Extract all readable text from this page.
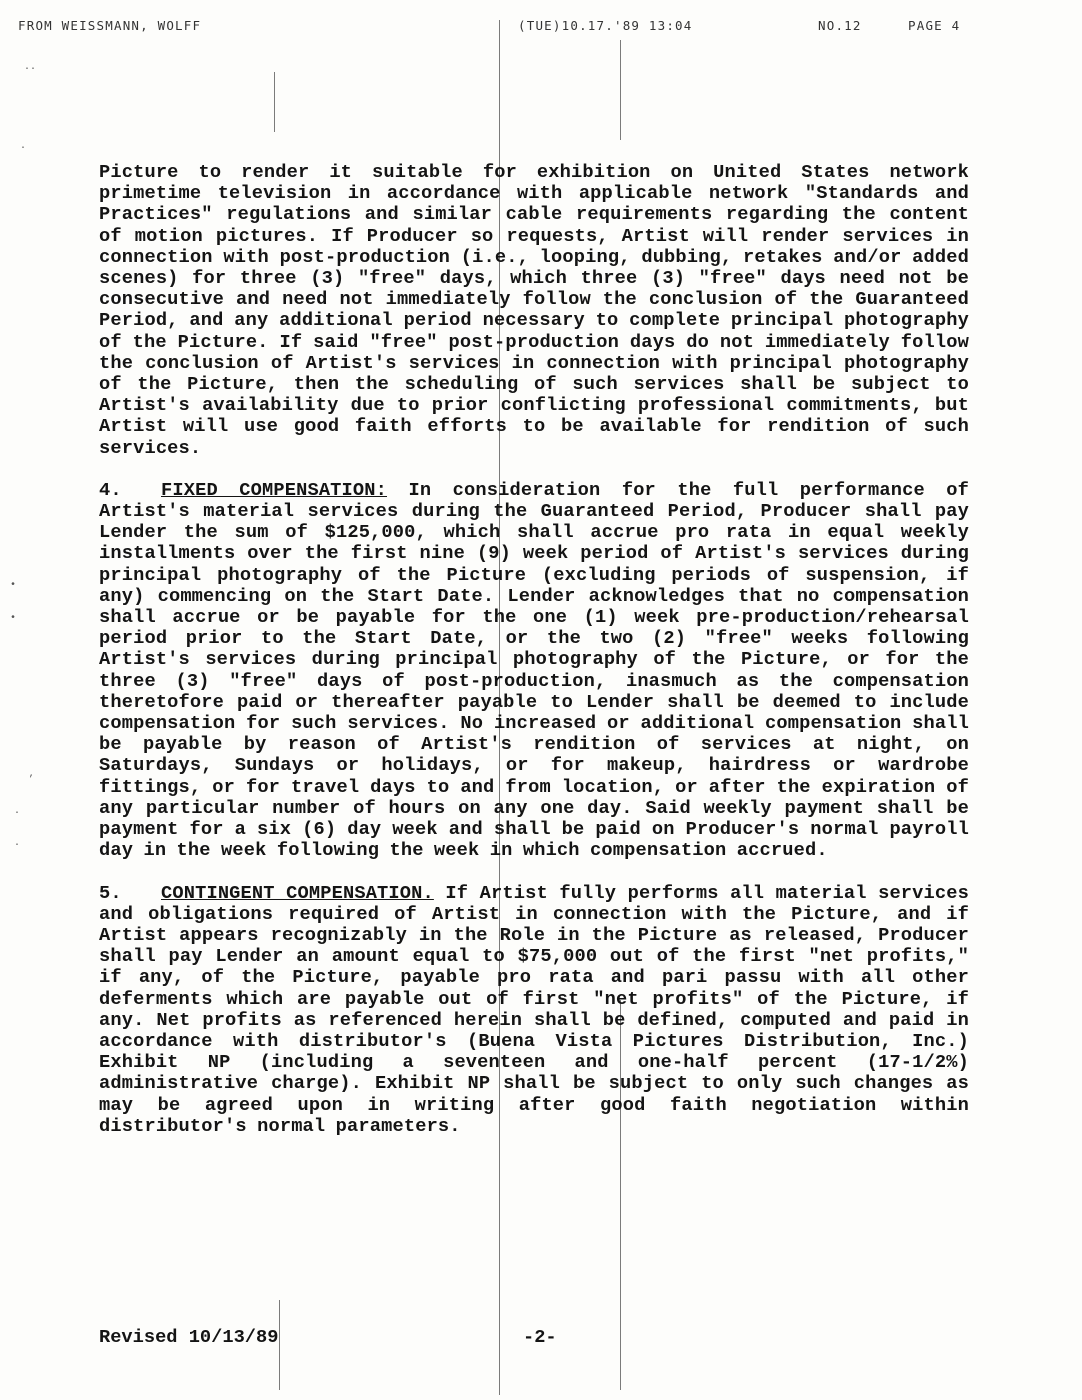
FROM WEISSMANN, WOLFF	(TUE)10.17.'89 13:04	NO.12	PAGE 4
··
·
•
•
’
·
·

Picture to render it suitable for exhibition on United States network primetime television in accordance with applicable network "Standards and Practices" regulations and similar cable requirements regarding the content of motion pictures. If Producer so requests, Artist will render services in connection with post-production (i.e., looping, dubbing, retakes and/or added scenes) for three (3) "free" days, which three (3) "free" days need not be consecutive and need not immediately follow the conclusion of the Guaranteed Period, and any additional period necessary to complete principal photography of the Picture. If said "free" post-production days do not immediately follow the conclusion of Artist's services in connection with principal photography of the Picture, then the scheduling of such services shall be subject to Artist's availability due to prior conflicting professional commitments, but Artist will use good faith efforts to be available for rendition of such services.

4. FIXED COMPENSATION: In consideration for the full performance of Artist's material services during the Guaranteed Period, Producer shall pay Lender the sum of $125,000, which shall accrue pro rata in equal weekly installments over the first nine (9) week period of Artist's services during principal photography of the Picture (excluding periods of suspension, if any) commencing on the Start Date. Lender acknowledges that no compensation shall accrue or be payable for the one (1) week pre-production/rehearsal period prior to the Start Date, or the two (2) "free" weeks following Artist's services during principal photography of the Picture, or for the three (3) "free" days of post-production, inasmuch as the compensation theretofore paid or thereafter payable to Lender shall be deemed to include compensation for such services. No increased or additional compensation shall be payable by reason of Artist's rendition of services at night, on Saturdays, Sundays or holidays, or for makeup, hairdress or wardrobe fittings, or for travel days to and from location, or after the expiration of any particular number of hours on any one day. Said weekly payment shall be payment for a six (6) day week and shall be paid on Producer's normal payroll day in the week following the week in which compensation accrued.

5. CONTINGENT COMPENSATION. If Artist fully performs all material services and obligations required of Artist in connection with the Picture, and if Artist appears recognizably in the Role in the Picture as released, Producer shall pay Lender an amount equal to $75,000 out of the first "net profits," if any, of the Picture, payable pro rata and pari passu with all other deferments which are payable out of first "net profits" of the Picture, if any. Net profits as referenced herein shall be defined, computed and paid in accordance with distributor's (Buena Vista Pictures Distribution, Inc.) Exhibit NP (including a seventeen and one-half percent (17-1/2%) administrative charge). Exhibit NP shall be subject to only such changes as may be agreed upon in writing after good faith negotiation within distributor's normal parameters.

Revised 10/13/89	-2-
